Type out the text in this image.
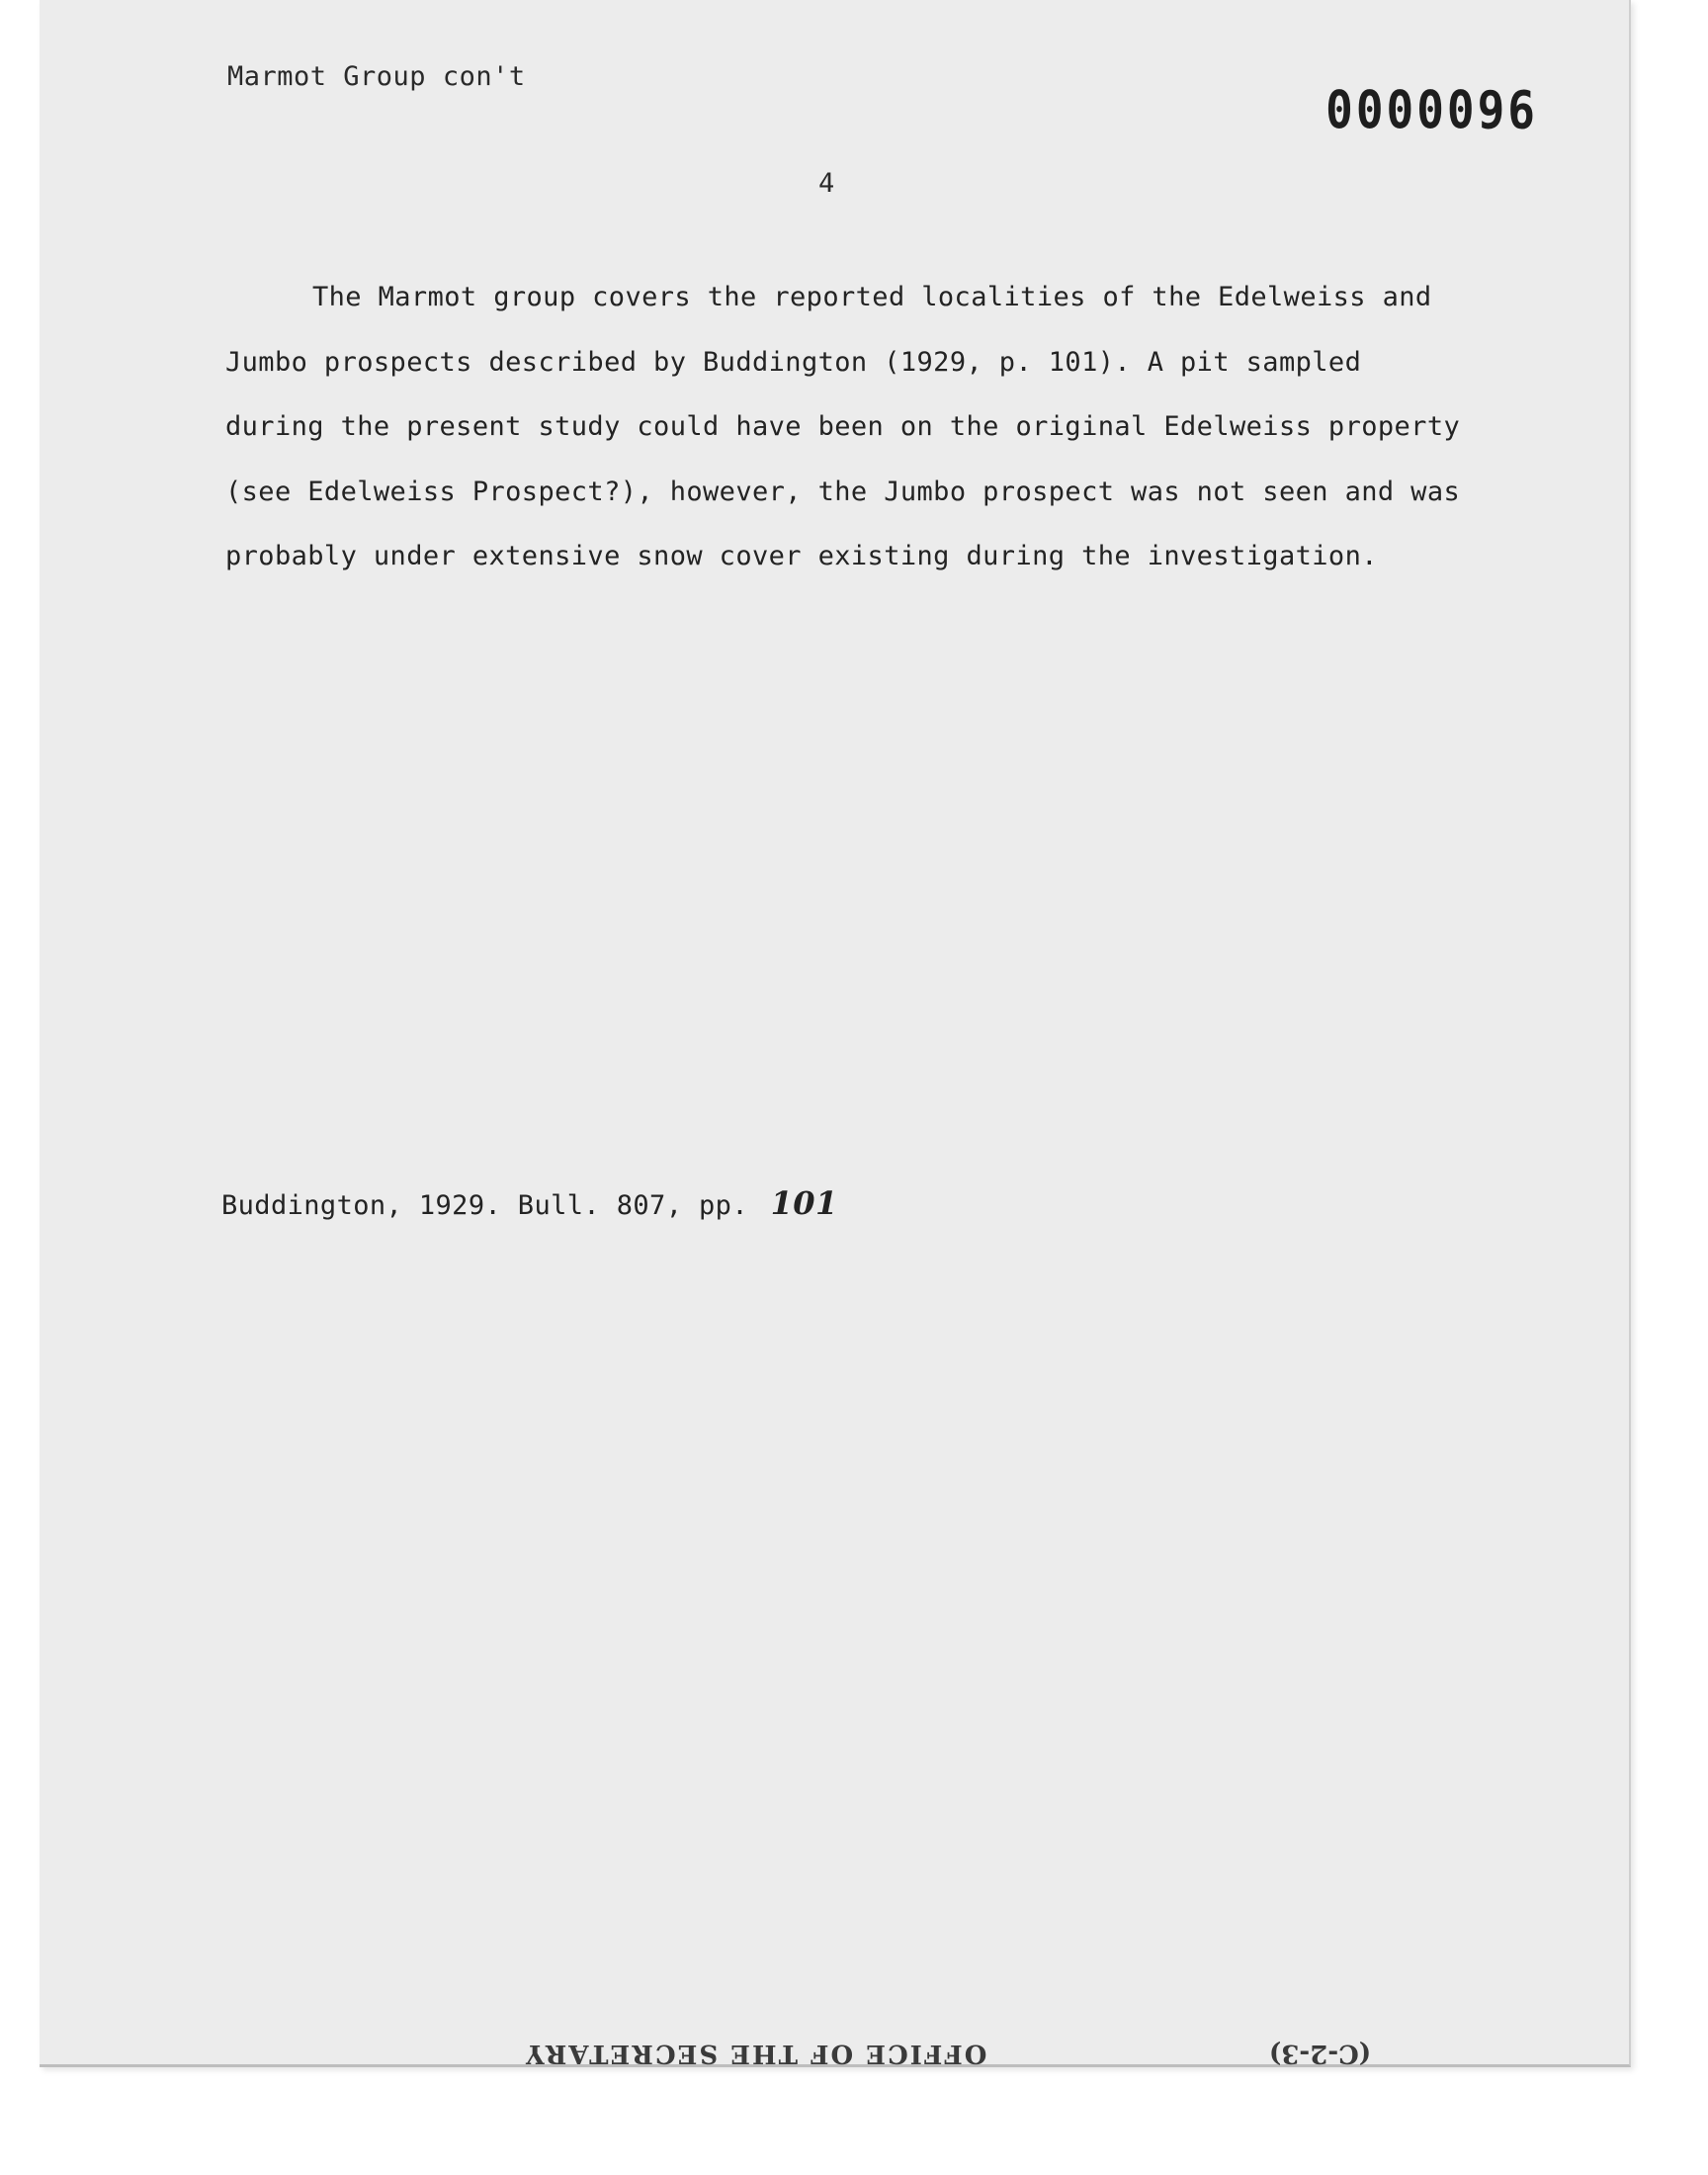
Marmot Group con't
0000096
4

The Marmot group covers the reported localities of the Edelweiss and Jumbo prospects described by Buddington (1929, p. 101). A pit sampled during the present study could have been on the original Edelweiss property (see Edelweiss Prospect?), however, the Jumbo prospect was not seen and was probably under extensive snow cover existing during the investigation.

Buddington, 1929. Bull. 807, pp. 101
OFFICE OF THE SECRETARY	(C-2-3)
